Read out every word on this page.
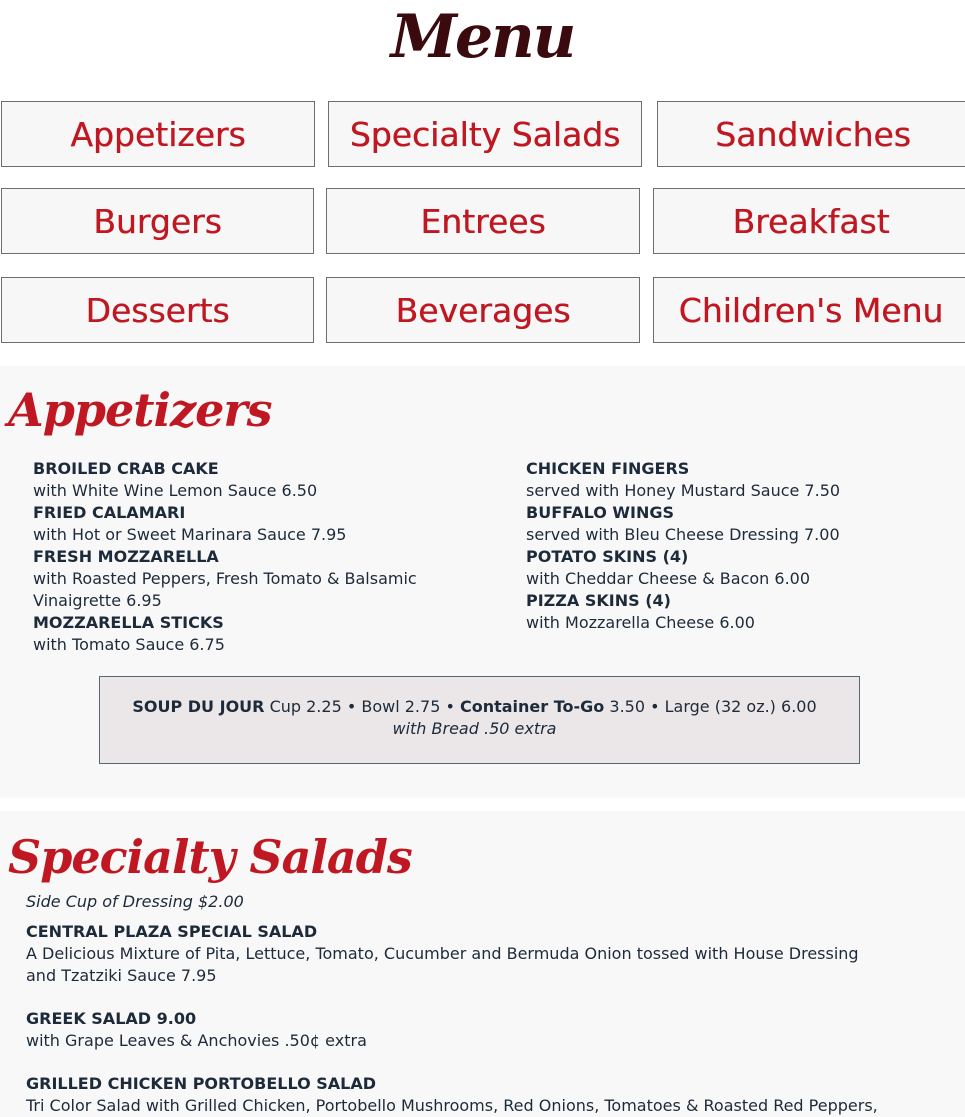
Menu
Appetizers	Specialty Salads	Sandwiches
Burgers	Entrees	Breakfast
Desserts	Beverages	Children's Menu
Appetizers
BROILED CRAB CAKE
with White Wine Lemon Sauce 6.50
FRIED CALAMARI
with Hot or Sweet Marinara Sauce 7.95
FRESH MOZZARELLA
with Roasted Peppers, Fresh Tomato & Balsamic Vinaigrette 6.95
MOZZARELLA STICKS
with Tomato Sauce 6.75
CHICKEN FINGERS
served with Honey Mustard Sauce 7.50
BUFFALO WINGS
served with Bleu Cheese Dressing 7.00
POTATO SKINS (4)
with Cheddar Cheese & Bacon 6.00
PIZZA SKINS (4)
with Mozzarella Cheese 6.00
SOUP DU JOUR Cup 2.25 • Bowl 2.75 • Container To-Go 3.50 • Large (32 oz.) 6.00
with Bread .50 extra
Specialty Salads
Side Cup of Dressing $2.00
CENTRAL PLAZA SPECIAL SALAD
A Delicious Mixture of Pita, Lettuce, Tomato, Cucumber and Bermuda Onion tossed with House Dressing and Tzatziki Sauce 7.95
GREEK SALAD 9.00
with Grape Leaves & Anchovies .50¢ extra
GRILLED CHICKEN PORTOBELLO SALAD
Tri Color Salad with Grilled Chicken, Portobello Mushrooms, Red Onions, Tomatoes & Roasted Red Peppers,
